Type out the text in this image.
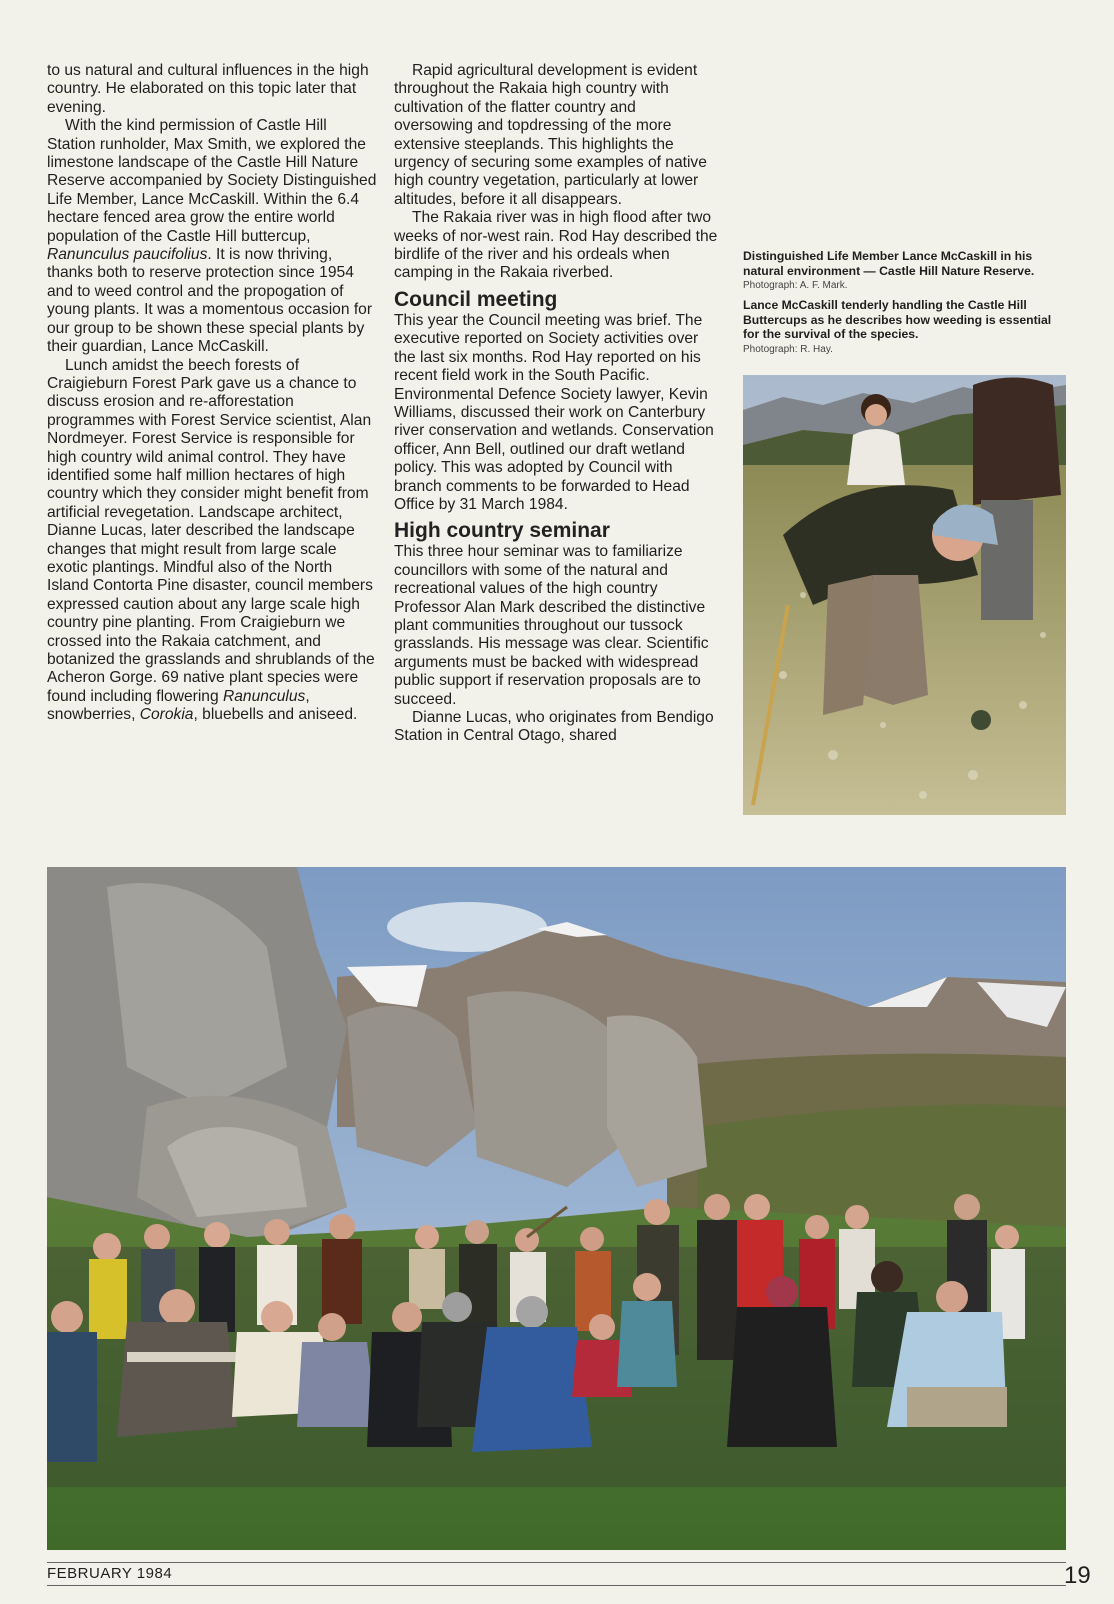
to us natural and cultural influences in the high country. He elaborated on this topic later that evening.

With the kind permission of Castle Hill Station runholder, Max Smith, we explored the limestone landscape of the Castle Hill Nature Reserve accompanied by Society Distinguished Life Member, Lance McCaskill. Within the 6.4 hectare fenced area grow the entire world population of the Castle Hill buttercup, Ranunculus paucifolius. It is now thriving, thanks both to reserve protection since 1954 and to weed control and the propogation of young plants. It was a momentous occasion for our group to be shown these special plants by their guardian, Lance McCaskill.

Lunch amidst the beech forests of Craigieburn Forest Park gave us a chance to discuss erosion and re-afforestation programmes with Forest Service scientist, Alan Nordmeyer. Forest Service is responsible for high country wild animal control. They have identified some half million hectares of high country which they consider might benefit from artificial revegetation. Landscape architect, Dianne Lucas, later described the landscape changes that might result from large scale exotic plantings. Mindful also of the North Island Contorta Pine disaster, council members expressed caution about any large scale high country pine planting. From Craigieburn we crossed into the Rakaia catchment, and botanized the grasslands and shrublands of the Acheron Gorge. 69 native plant species were found including flowering Ranunculus, snowberries, Corokia, bluebells and aniseed.

Rapid agricultural development is evident throughout the Rakaia high country with cultivation of the flatter country and oversowing and topdressing of the more extensive steeplands. This highlights the urgency of securing some examples of native high country vegetation, particularly at lower altitudes, before it all disappears.

The Rakaia river was in high flood after two weeks of nor-west rain. Rod Hay described the birdlife of the river and his ordeals when camping in the Rakaia riverbed.

Council meeting

This year the Council meeting was brief. The executive reported on Society activities over the last six months. Rod Hay reported on his recent field work in the South Pacific. Environmental Defence Society lawyer, Kevin Williams, discussed their work on Canterbury river conservation and wetlands. Conservation officer, Ann Bell, outlined our draft wetland policy. This was adopted by Council with branch comments to be forwarded to Head Office by 31 March 1984.

High country seminar

This three hour seminar was to familiarize councillors with some of the natural and recreational values of the high country Professor Alan Mark described the distinctive plant communities throughout our tussock grasslands. His message was clear. Scientific arguments must be backed with widespread public support if reservation proposals are to succeed.

Dianne Lucas, who originates from Bendigo Station in Central Otago, shared

Distinguished Life Member Lance McCaskill in his natural environment — Castle Hill Nature Reserve.

Photograph: A. F. Mark.

Lance McCaskill tenderly handling the Castle Hill Buttercups as he describes how weeding is essential for the survival of the species.

Photograph: R. Hay.

FEBRUARY 1984	19
